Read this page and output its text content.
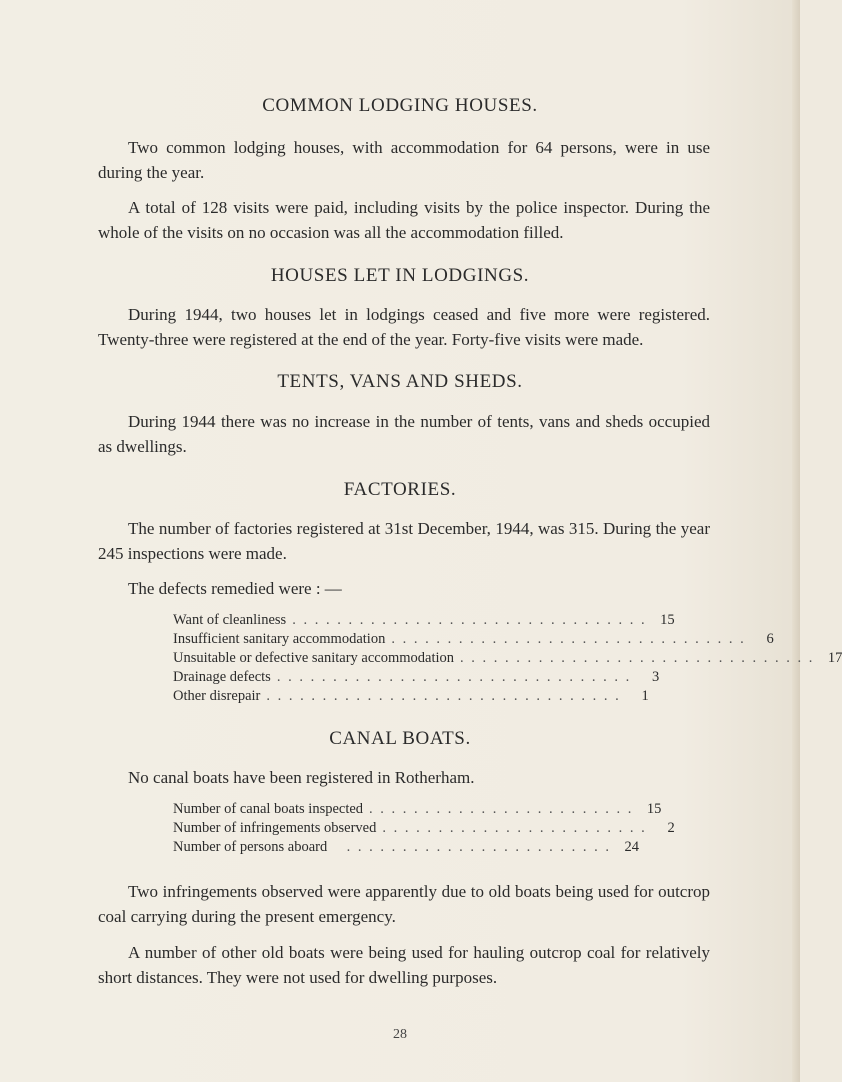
COMMON LODGING HOUSES.

Two common lodging houses, with accommodation for 64 persons, were in use during the year.

A total of 128 visits were paid, including visits by the police inspector. During the whole of the visits on no occasion was all the accommodation filled.

HOUSES LET IN LODGINGS.

During 1944, two houses let in lodgings ceased and five more were registered. Twenty-three were registered at the end of the year. Forty-five visits were made.

TENTS, VANS AND SHEDS.

During 1944 there was no increase in the number of tents, vans and sheds occupied as dwellings.

FACTORIES.

The number of factories registered at 31st December, 1944, was 315. During the year 245 inspections were made.

The defects remedied were : —

Want of cleanliness . . . . . . . . . . . . . . . . . . . . . . . . . . . . . . . . 15
Insufficient sanitary accommodation . . . . . . . . . . . . . . . . . . . . . . . . . . . . . . . .	6
Unsuitable or defective sanitary accommodation . . . . . . . . . . . . . . . . . . . . . . . . . . . . . . . . 17
Drainage defects . . . . . . . . . . . . . . . . . . . . . . . . . . . . . . . .	3
Other disrepair . . . . . . . . . . . . . . . . . . . . . . . . . . . . . . . .	1
CANAL BOATS.

No canal boats have been registered in Rotherham.

Number of canal boats inspected . . . . . . . . . . . . . . . . . . . . . . . . 15
Number of infringements observed . . . . . . . . . . . . . . . . . . . . . . . .	2
Number of persons aboard	. . . . . . . . . . . . . . . . . . . . . . . . 24

Two infringements observed were apparently due to old boats being used for outcrop coal carrying during the present emergency.

A number of other old boats were being used for hauling outcrop coal for relatively short distances. They were not used for dwelling purposes.

28
